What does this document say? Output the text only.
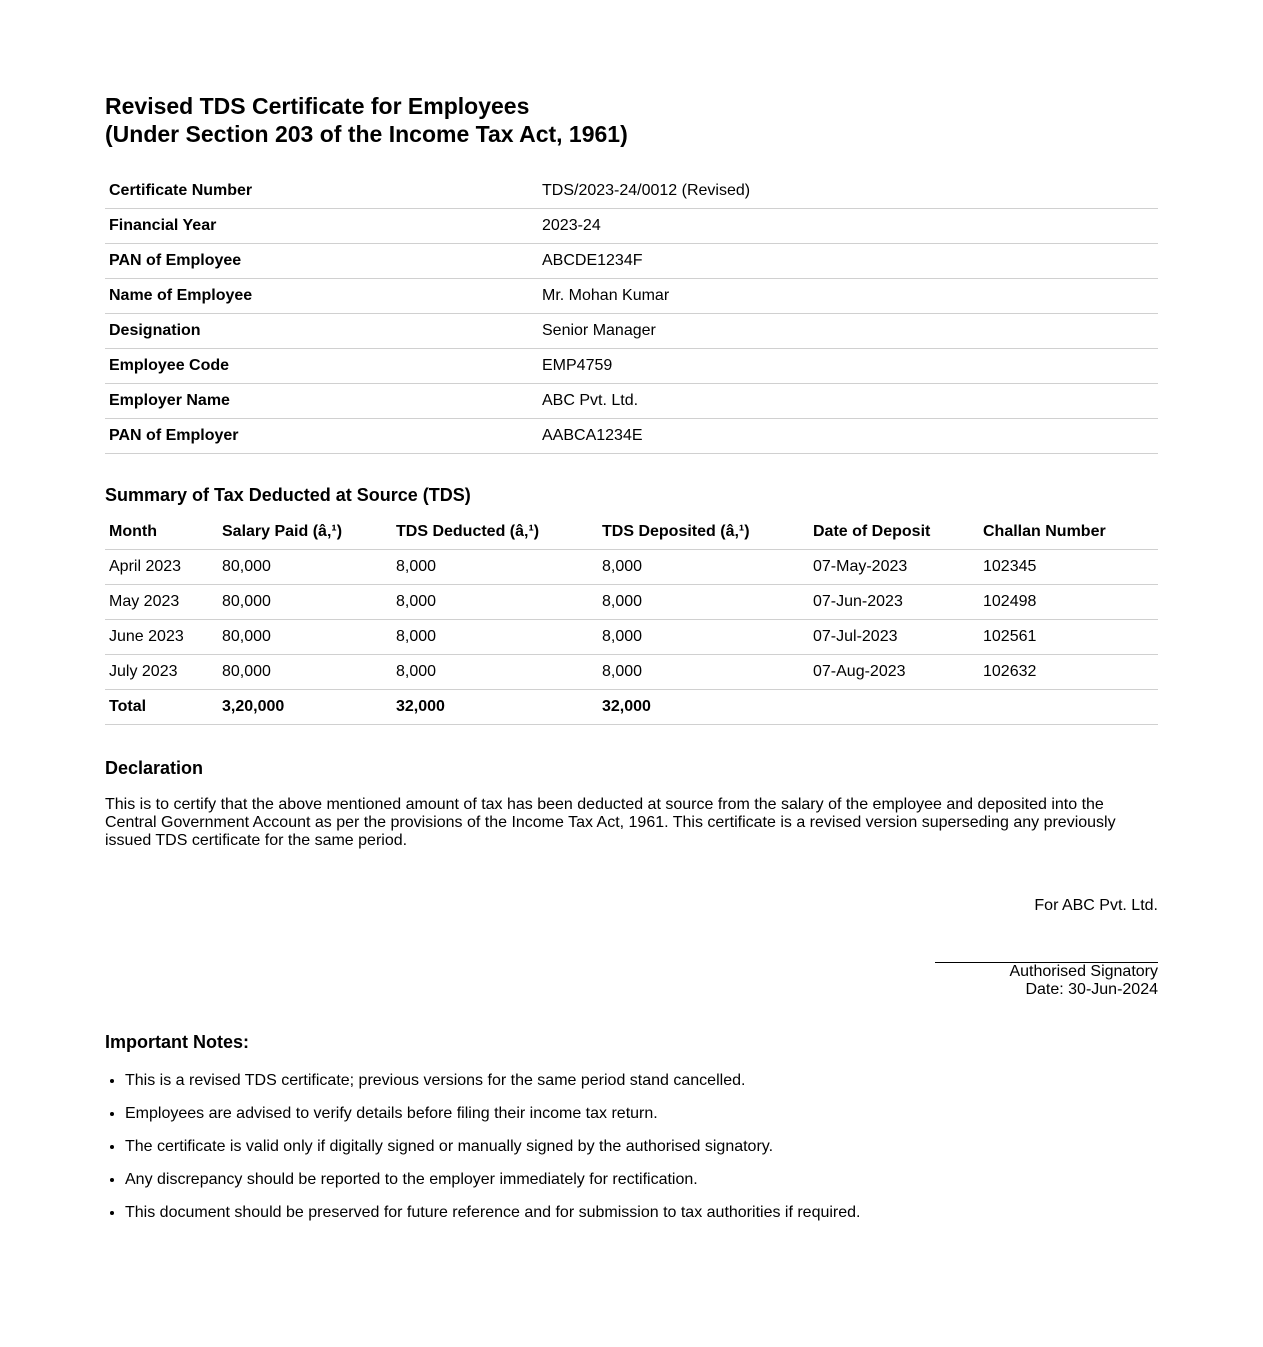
Revised TDS Certificate for Employees
(Under Section 203 of the Income Tax Act, 1961)
Certificate Number	TDS/2023-24/0012 (Revised)
Financial Year	2023-24
PAN of Employee	ABCDE1234F
Name of Employee	Mr. Mohan Kumar
Designation	Senior Manager
Employee Code	EMP4759
Employer Name	ABC Pvt. Ltd.
PAN of Employer	AABCA1234E
Summary of Tax Deducted at Source (TDS)
Month	Salary Paid (â‚¹)	TDS Deducted (â‚¹)	TDS Deposited (â‚¹)	Date of Deposit	Challan Number
April 2023	80,000	8,000	8,000	07-May-2023	102345
May 2023	80,000	8,000	8,000	07-Jun-2023	102498
June 2023	80,000	8,000	8,000	07-Jul-2023	102561
July 2023	80,000	8,000	8,000	07-Aug-2023	102632
Total	3,20,000	32,000	32,000		
Declaration

This is to certify that the above mentioned amount of tax has been deducted at source from the salary of the employee and deposited into the Central Government Account as per the provisions of the Income Tax Act, 1961. This certificate is a revised version superseding any previously issued TDS certificate for the same period.

For ABC Pvt. Ltd.
Authorised Signatory
Date: 30-Jun-2024
Important Notes:
• This is a revised TDS certificate; previous versions for the same period stand cancelled.
• Employees are advised to verify details before filing their income tax return.
• The certificate is valid only if digitally signed or manually signed by the authorised signatory.
• Any discrepancy should be reported to the employer immediately for rectification.
• This document should be preserved for future reference and for submission to tax authorities if required.
